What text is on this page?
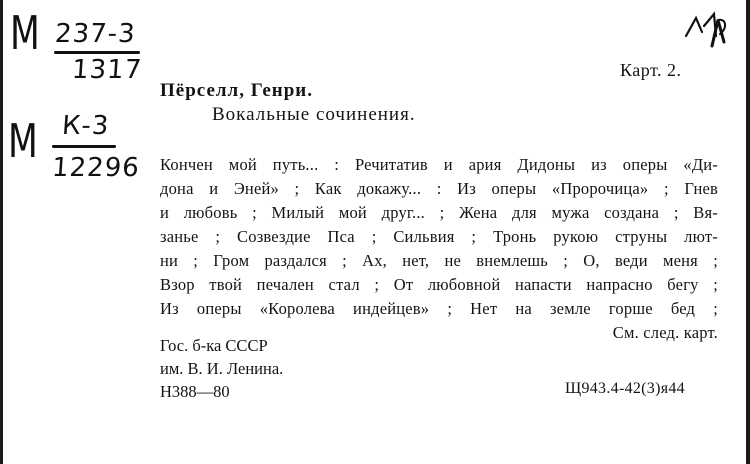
М 237-3
1317
М К-3
12296
Карт. 2.
Пёрселл, Генри.
Вокальные сочинения.
Кончен мой путь... : Речитатив и ария Дидоны из оперы «Ди-
дона и Эней» ; Как докажу... : Из оперы «Пророчица» ; Гнев
и любовь ; Милый мой друг... ; Жена для мужа создана ; Вя-
занье ; Созвездие Пса ; Сильвия ; Тронь рукою струны лют-
ни ; Гром раздался ; Ах, нет, не внемлешь ; О, веди меня ;
Взор твой печален стал ; От любовной напасти напрасно бегу ;
Из оперы «Королева индейцев» ; Нет на земле горше бед ;
См. след. карт.
Гос. б-ка СССР
им. В. И. Ленина.
Н388—80	Щ943.4-42(3)я44
